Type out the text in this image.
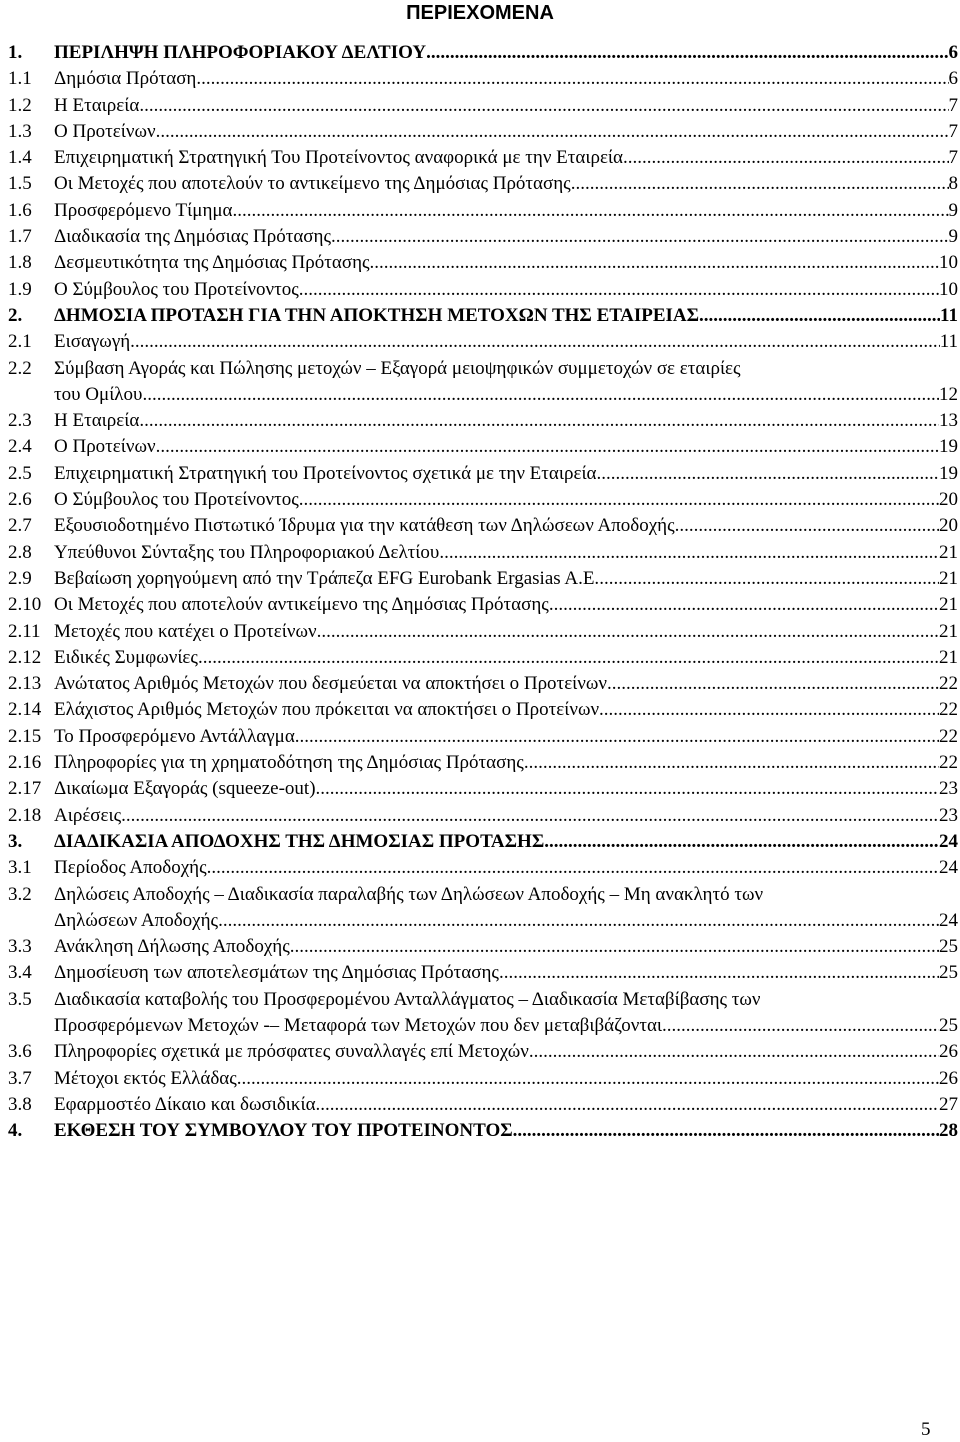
ΠΕΡΙΕΧΟΜΕΝΑ
1.	ΠΕΡΙΛΗΨΗ ΠΛΗΡΟΦΟΡΙΑΚΟΥ ΔΕΛΤΙΟΥ .....	6
1.1	Δημόσια Πρόταση .....	6
1.2	Η Εταιρεία .....	7
1.3	Ο Προτείνων .....	7
1.4	Επιχειρηματική Στρατηγική Του Προτείνοντος αναφορικά με την Εταιρεία .....	7
1.5	Οι Μετοχές που αποτελούν το αντικείμενο της Δημόσιας Πρότασης .....	8
1.6	Προσφερόμενο Τίμημα .....	9
1.7	Διαδικασία της Δημόσιας Πρότασης .....	9
1.8	Δεσμευτικότητα της Δημόσιας Πρότασης .....	10
1.9	Ο Σύμβουλος του Προτείνοντος .....	10
2.	ΔΗΜΟΣΙΑ ΠΡΟΤΑΣΗ ΓΙΑ ΤΗΝ ΑΠΟΚΤΗΣΗ ΜΕΤΟΧΩΝ ΤΗΣ ΕΤΑΙΡΕΙΑΣ .....	11
2.1	Εισαγωγή .....	11
2.2	Σύμβαση Αγοράς και Πώλησης μετοχών – Εξαγορά μειοψηφικών συμμετοχών σε εταιρίες
του Ομίλου .....	12
2.3	Η Εταιρεία .....	13
2.4	Ο Προτείνων .....	19
2.5	Επιχειρηματική Στρατηγική του Προτείνοντος σχετικά με την Εταιρεία .....	19
2.6	Ο Σύμβουλος του Προτείνοντος .....	20
2.7	Εξουσιοδοτημένο Πιστωτικό Ίδρυμα για την κατάθεση των Δηλώσεων Αποδοχής .....	20
2.8	Υπεύθυνοι Σύνταξης του Πληροφοριακού Δελτίου .....	21
2.9	Βεβαίωση χορηγούμενη από την Τράπεζα EFG Eurobank Ergasias A.E. .....	21
2.10 Οι Μετοχές που αποτελούν αντικείμενο της Δημόσιας Πρότασης .....	21
2.11 Μετοχές που κατέχει ο Προτείνων .....	21
2.12 Ειδικές Συμφωνίες .....	21
2.13 Ανώτατος Αριθμός Μετοχών που δεσμεύεται να αποκτήσει ο Προτείνων .....	22
2.14 Ελάχιστος Αριθμός Μετοχών που πρόκειται να αποκτήσει ο Προτείνων .....	22
2.15 Το Προσφερόμενο Αντάλλαγμα .....	22
2.16 Πληροφορίες για τη χρηματοδότηση της Δημόσιας Πρότασης .....	22
2.17 Δικαίωμα Εξαγοράς (squeeze-out) .....	23
2.18 Αιρέσεις .....	23
3.	ΔΙΑΔΙΚΑΣΙΑ ΑΠΟΔΟΧΗΣ ΤΗΣ ΔΗΜΟΣΙΑΣ ΠΡΟΤΑΣΗΣ .....	24
3.1	Περίοδος Αποδοχής .....	24
3.2	Δηλώσεις Αποδοχής – Διαδικασία παραλαβής των Δηλώσεων Αποδοχής – Μη ανακλητό των
Δηλώσεων Αποδοχής .....	24
3.3	Ανάκληση Δήλωσης Αποδοχής .....	25
3.4	Δημοσίευση των αποτελεσμάτων της Δημόσιας Πρότασης .....	25
3.5	Διαδικασία καταβολής του Προσφερομένου Ανταλλάγματος – Διαδικασία Μεταβίβασης των
Προσφερόμενων Μετοχών -– Μεταφορά των Μετοχών που δεν μεταβιβάζονται .....	25
3.6	Πληροφορίες σχετικά με πρόσφατες συναλλαγές επί Μετοχών .....	26
3.7	Μέτοχοι εκτός Ελλάδας .....	26
3.8	Εφαρμοστέο Δίκαιο και δωσιδικία .....	27
4.	ΕΚΘΕΣΗ ΤΟΥ ΣΥΜΒΟΥΛΟΥ ΤΟΥ ΠΡΟΤΕΙΝΟΝΤΟΣ .....	28
5
